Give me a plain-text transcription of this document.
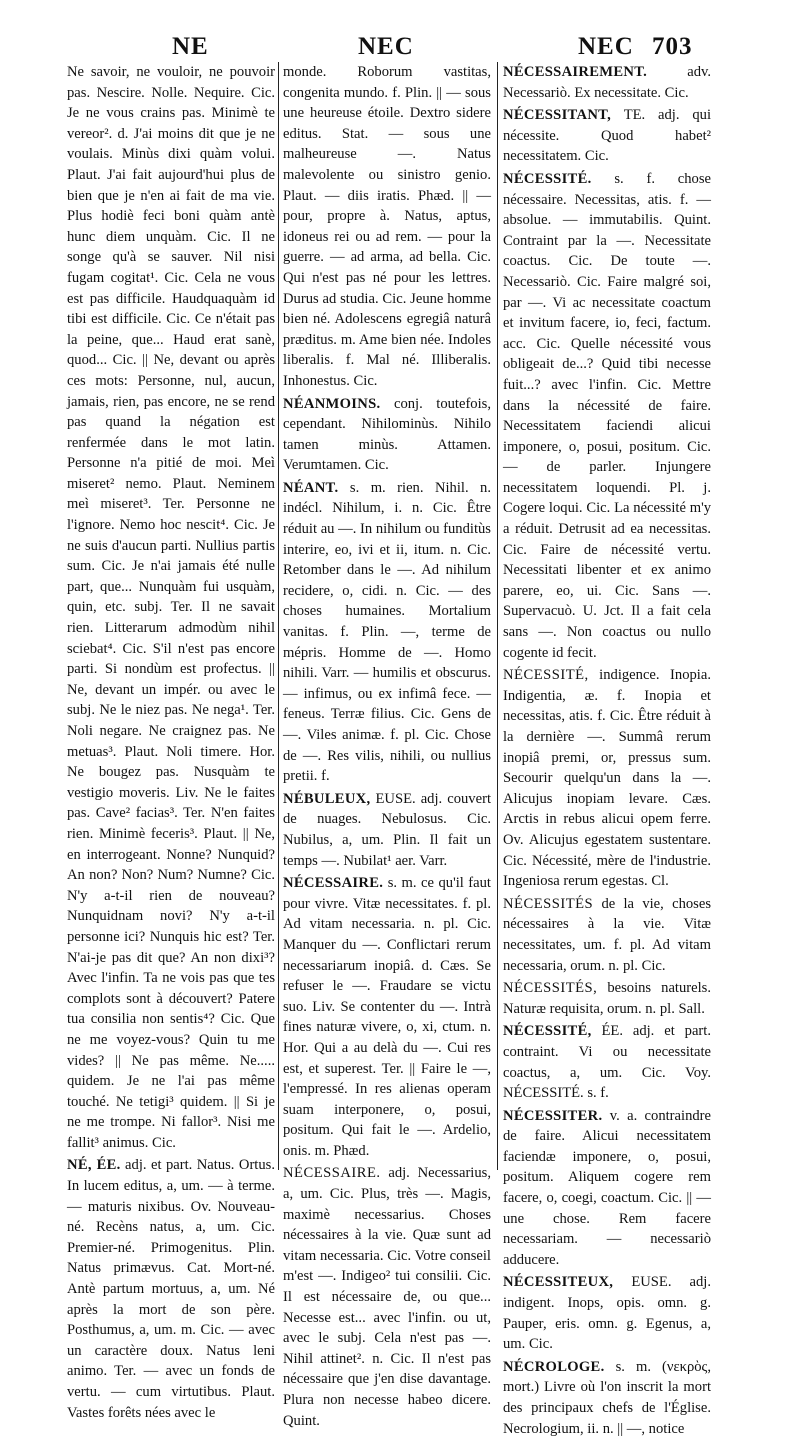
NE	NEC	NEC 703

Ne savoir, ne vouloir, ne pouvoir pas. Nescire. Nolle. Nequire. Cic. Je ne vous crains pas. Minimè te vereor². d. J'ai moins dit que je ne voulais. Minùs dixi quàm volui. Plaut. J'ai fait aujourd'hui plus de bien que je n'en ai fait de ma vie. Plus hodiè feci boni quàm antè hunc diem unquàm. Cic. Il ne songe qu'à se sauver. Nil nisi fugam cogitat¹. Cic. Cela ne vous est pas difficile. Haudquaquàm id tibi est difficile. Cic. Ce n'était pas la peine, que... Haud erat sanè, quod... Cic. || Ne, devant ou après ces mots: Personne, nul, aucun, jamais, rien, pas encore, ne se rend pas quand la négation est renfermée dans le mot latin. Personne n'a pitié de moi. Meì miseret² nemo. Plaut. Neminem meì miseret³. Ter. Personne ne l'ignore. Nemo hoc nescit⁴. Cic. Je ne suis d'aucun parti. Nullius partis sum. Cic. Je n'ai jamais été nulle part, que... Nunquàm fui usquàm, quin, etc. subj. Ter. Il ne savait rien. Litterarum admodùm nihil sciebat⁴. Cic. S'il n'est pas encore parti. Si nondùm est profectus. || Ne, devant un impér. ou avec le subj. Ne le niez pas. Ne nega¹. Ter. Noli negare. Ne craignez pas. Ne metuas³. Plaut. Noli timere. Hor. Ne bougez pas. Nusquàm te vestigio moveris. Liv. Ne le faites pas. Cave² facias³. Ter. N'en faites rien. Minimè feceris³. Plaut. || Ne, en interrogeant. Nonne? Nunquid? An non? Non? Num? Numne? Cic. N'y a-t-il rien de nouveau? Nunquidnam novi? N'y a-t-il personne ici? Nunquis hic est? Ter. N'ai-je pas dit que? An non dixi³? Avec l'infin. Ta ne vois pas que tes complots sont à découvert? Patere tua consilia non sentis⁴? Cic. Que ne me voyez-vous? Quin tu me vides? || Ne pas même. Ne..... quidem. Je ne l'ai pas même touché. Ne tetigi³ quidem. || Si je ne me trompe. Ni fallor³. Nisi me fallit³ animus. Cic.

NÉ, ÉE. adj. et part. Natus. Ortus. In lucem editus, a, um. — à terme. — maturis nixibus. Ov. Nouveau-né. Recèns natus, a, um. Cic. Premier-né. Primogenitus. Plin. Natus primævus. Cat. Mort-né. Antè partum mortuus, a, um. Né après la mort de son père. Posthumus, a, um. m. Cic. — avec un caractère doux. Natus leni animo. Ter. — avec un fonds de vertu. — cum virtutibus. Plaut. Vastes forêts nées avec le

monde. Roborum vastitas, congenita mundo. f. Plin. || — sous une heureuse étoile. Dextro sidere editus. Stat. — sous une malheureuse —. Natus malevolente ou sinistro genio. Plaut. — diis iratis. Phæd. || — pour, propre à. Natus, aptus, idoneus rei ou ad rem. — pour la guerre. — ad arma, ad bella. Cic. Qui n'est pas né pour les lettres. Durus ad studia. Cic. Jeune homme bien né. Adolescens egregiâ naturâ præditus. m. Ame bien née. Indoles liberalis. f. Mal né. Illiberalis. Inhonestus. Cic.

NÉANMOINS. conj. toutefois, cependant. Nihilominùs. Nihilo tamen minùs. Attamen. Verumtamen. Cic.

NÉANT. s. m. rien. Nihil. n. indécl. Nihilum, i. n. Cic. Être réduit au —. In nihilum ou funditùs interire, eo, ivi et ii, itum. n. Cic. Retomber dans le —. Ad nihilum recidere, o, cidi. n. Cic. — des choses humaines. Mortalium vanitas. f. Plin. —, terme de mépris. Homme de —. Homo nihili. Varr. — humilis et obscurus. — infimus, ou ex infimâ fece. — feneus. Terræ filius. Cic. Gens de —. Viles animæ. f. pl. Cic. Chose de —. Res vilis, nihili, ou nullius pretii. f.

NÉBULEUX, EUSE. adj. couvert de nuages. Nebulosus. Cic. Nubilus, a, um. Plin. Il fait un temps —. Nubilat¹ aer. Varr.

NÉCESSAIRE. s. m. ce qu'il faut pour vivre. Vitæ necessitates. f. pl. Ad vitam necessaria. n. pl. Cic. Manquer du —. Conflictari rerum necessariarum inopiâ. d. Cæs. Se refuser le —. Fraudare se victu suo. Liv. Se contenter du —. Intrà fines naturæ vivere, o, xi, ctum. n. Hor. Qui a au delà du —. Cui res est, et superest. Ter. || Faire le —, l'empressé. In res alienas operam suam interponere, o, posui, positum. Qui fait le —. Ardelio, onis. m. Phæd.

NÉCESSAIRE. adj. Necessarius, a, um. Cic. Plus, très —. Magis, maximè necessarius. Choses nécessaires à la vie. Quæ sunt ad vitam necessaria. Cic. Votre conseil m'est —. Indigeo² tui consilii. Cic. Il est nécessaire de, ou que... Necesse est... avec l'infin. ou ut, avec le subj. Cela n'est pas —. Nihil attinet². n. Cic. Il n'est pas nécessaire que j'en dise davantage. Plura non necesse habeo dicere. Quint.

NÉCESSAIREMENT.	adv. Necessariò. Ex necessitate. Cic.

NÉCESSITANT, TE. adj. qui nécessite. Quod habet² necessitatem. Cic.

NÉCESSITÉ. s. f. chose nécessaire. Necessitas, atis. f. — absolue. — immutabilis. Quint. Contraint par la —. Necessitate coactus. Cic. De toute —. Necessariò. Cic. Faire malgré soi, par —. Vi ac necessitate coactum et invitum facere, io, feci, factum. acc. Cic. Quelle nécessité vous obligeait de...? Quid tibi necesse fuit...? avec l'infin. Cic. Mettre dans la nécessité de faire. Necessitatem faciendi alicui imponere, o, posui, positum. Cic. — de parler. Injungere necessitatem loquendi. Pl. j. Cogere loqui. Cic. La nécessité m'y a réduit. Detrusit ad ea necessitas. Cic. Faire de nécessité vertu. Necessitati libenter et ex animo parere, eo, ui. Cic. Sans —. Supervacuò. U. Jct. Il a fait cela sans —. Non coactus ou nullo cogente id fecit.

NÉCESSITÉ, indigence. Inopia. Indigentia, æ. f. Inopia et necessitas, atis. f. Cic. Être réduit à la dernière —. Summâ rerum inopiâ premi, or, pressus sum. Secourir quelqu'un dans la —. Alicujus inopiam levare. Cæs. Arctis in rebus alicui opem ferre. Ov. Alicujus egestatem sustentare. Cic. Nécessité, mère de l'industrie. Ingeniosa rerum egestas. Cl.

NÉCESSITÉS de la vie, choses nécessaires à la vie. Vitæ necessitates, um. f. pl. Ad vitam necessaria, orum. n. pl. Cic.

NÉCESSITÉS, besoins naturels. Naturæ requisita, orum. n. pl. Sall.

NÉCESSITÉ, ÉE. adj. et part. contraint. Vi ou necessitate coactus, a, um. Cic. Voy. NÉCESSITÉ. s. f.

NÉCESSITER. v. a. contraindre de faire. Alicui necessitatem faciendæ imponere, o, posui, positum. Aliquem cogere rem facere, o, coegi, coactum. Cic. || — une chose. Rem facere necessariam. — necessariò adducere.

NÉCESSITEUX, EUSE. adj. indigent. Inops, opis. omn. g. Pauper, eris. omn. g. Egenus, a, um. Cic.

NÉCROLOGE. s. m. (νεκρὸς, mort.) Livre où l'on inscrit la mort des principaux chefs de l'Église. Necrologium, ii. n. || —, notice
